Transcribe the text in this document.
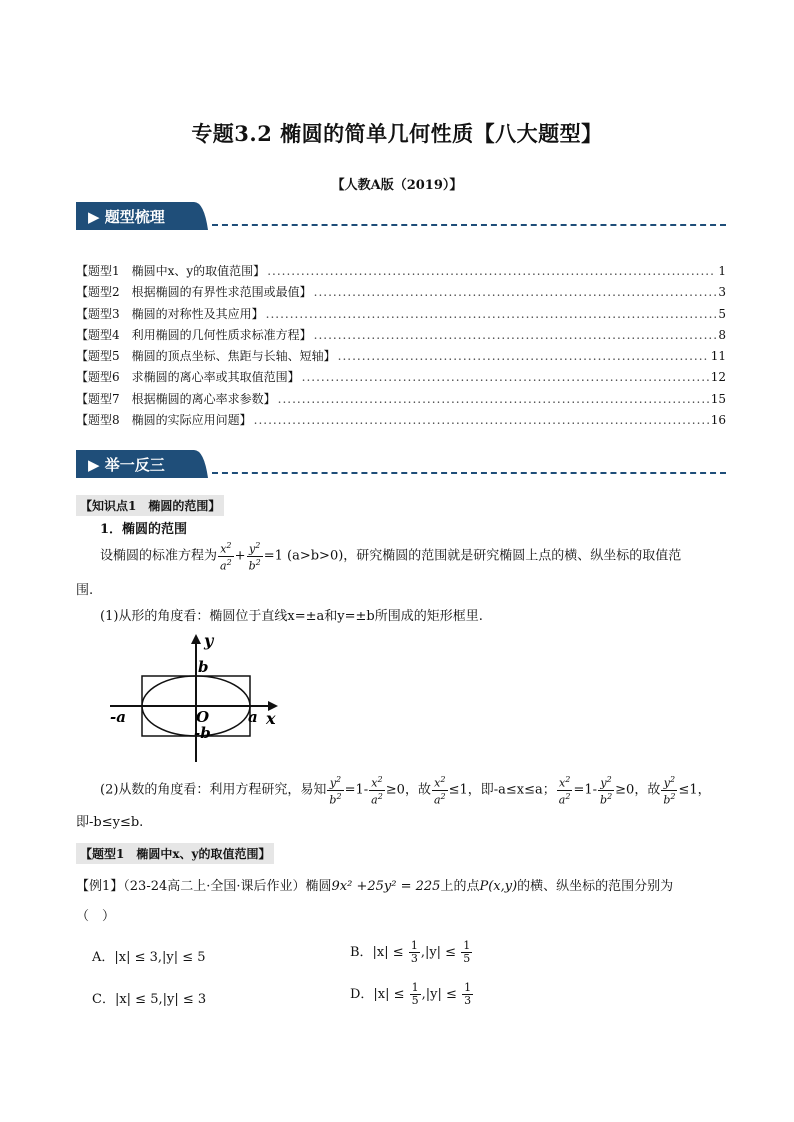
专题3.2 椭圆的简单几何性质【八大题型】
【人教A版（2019）】
▶ 题型梳理
【题型1　椭圆中x、y的取值范围】 .....	1
【题型2　根据椭圆的有界性求范围或最值】 .....	3
【题型3　椭圆的对称性及其应用】 .....	5
【题型4　利用椭圆的几何性质求标准方程】 .....	8
【题型5　椭圆的顶点坐标、焦距与长轴、短轴】 .....	11
【题型6　求椭圆的离心率或其取值范围】 .....	12
【题型7　根据椭圆的离心率求参数】 .....	15
【题型8　椭圆的实际应用问题】 .....	16
▶ 举一反三
【知识点1　椭圆的范围】
1．椭圆的范围
设椭圆的标准方程为 $\frac{x^2}{a^2} + \frac{y^2}{b^2} =1$ (a>b>0)，研究椭圆的范围就是研究椭圆上点的横、纵坐标的取值范
围.
(1)从形的角度看：椭圆位于直线x=±a和y=±b所围成的矩形框里.
y
x
O
b
-b
a
-a
(2)从数的角度看：利用方程研究，易知 $\frac{y^2}{b^2} =1- \frac{x^2}{a^2} \ge 0$，故 $\frac{x^2}{a^2} \le 1$，即-a≤x≤a； $\frac{x^2}{a^2} =1- \frac{y^2}{b^2} \ge 0$，故 $\frac{y^2}{b^2} \le 1$，
即-b≤y≤b.
【题型1　椭圆中x、y的取值范围】
【例1】（23-24高二上·全国·课后作业）椭圆9x² +25y² = 225上的点P(x,y)的横、纵坐标的范围分别为
（　）
A．|x| ≤ 3,|y| ≤ 5	B．$|x| \le \frac{1}{3} ,|y| \le \frac{1}{5}$
C．|x| ≤ 5,|y| ≤ 3	D．$|x| \le \frac{1}{5} ,|y| \le \frac{1}{3}$
